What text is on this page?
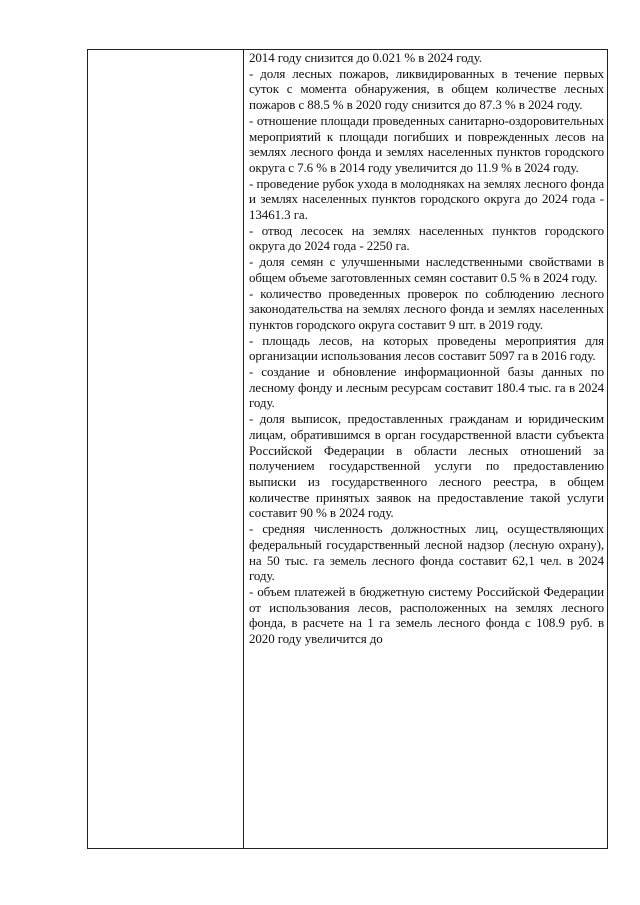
2014 году снизится до 0.021 % в 2024 году.

- доля лесных пожаров, ликвидированных в течение первых суток с момента обнаружения, в общем количестве лесных пожаров с 88.5 % в 2020 году снизится до 87.3 % в 2024 году.

- отношение площади проведенных санитарно-оздоровительных мероприятий к площади погибших и поврежденных лесов на землях лесного фонда и землях населенных пунктов городского округа с 7.6 % в 2014 году увеличится до 11.9 % в 2024 году.

- проведение рубок ухода в молодняках на землях лесного фонда и землях населенных пунктов городского округа до 2024 года - 13461.3 га.

- отвод лесосек на землях населенных пунктов городского округа до 2024 года - 2250 га.

- доля семян с улучшенными наследственными свойствами в общем объеме заготовленных семян составит 0.5 % в 2024 году.

- количество проведенных проверок по соблюдению лесного законодательства на землях лесного фонда и землях населенных пунктов городского округа составит 9 шт. в 2019 году.

- площадь лесов, на которых проведены мероприятия для организации использования лесов составит 5097 га в 2016 году.

- создание и обновление информационной базы данных по лесному фонду и лесным ресурсам составит 180.4 тыс. га в 2024 году.

- доля выписок, предоставленных гражданам и юридическим лицам, обратившимся в орган государственной власти субъекта Российской Федерации в области лесных отношений за получением государственной услуги по предоставлению выписки из государственного лесного реестра, в общем количестве принятых заявок на предоставление такой услуги составит 90 % в 2024 году.

- средняя численность должностных лиц, осуществляющих федеральный государственный лесной надзор (лесную охрану), на 50 тыс. га земель лесного фонда составит 62,1 чел. в 2024 году.

- объем платежей в бюджетную систему Российской Федерации от использования лесов, расположенных на землях лесного фонда, в расчете на 1 га земель лесного фонда с 108.9 руб. в 2020 году увеличится до
